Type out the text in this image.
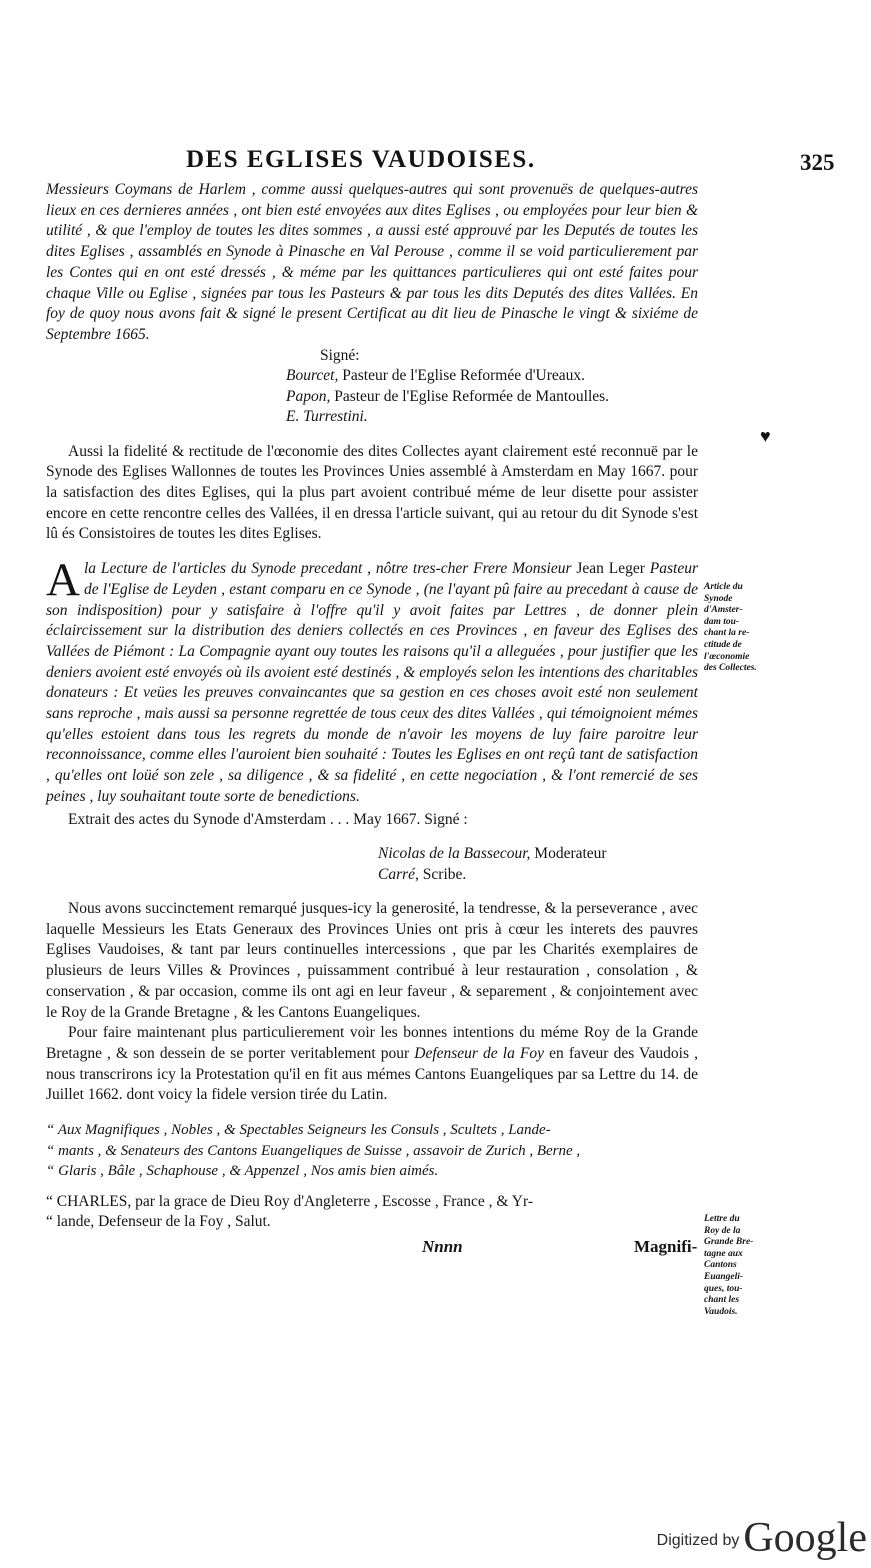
DES EGLISES VAUDOISES.	325
♥

Messieurs Coymans de Harlem , comme aussi quelques-autres qui sont provenuës de quelques-autres lieux en ces dernieres années , ont bien esté envoyées aux dites Eglises , ou employées pour leur bien & utilité , & que l'employ de toutes les dites sommes , a aussi esté approuvé par les Deputés de toutes les dites Eglises , assamblés en Synode à Pinasche en Val Perouse , comme il se void particulierement par les Contes qui en ont esté dressés , & méme par les quittances particulieres qui ont esté faites pour chaque Ville ou Eglise , signées par tous les Pasteurs & par tous les dits Deputés des dites Vallées. En foy de quoy nous avons fait & signé le present Certificat au dit lieu de Pinasche le vingt & sixiéme de Septembre 1665.

Signé:
Bourcet, Pasteur de l'Eglise Reformée d'Ureaux.
Papon, Pasteur de l'Eglise Reformée de Mantoulles.
E. Turrestini.

Aussi la fidelité & rectitude de l'œconomie des dites Collectes ayant clairement esté reconnuë par le Synode des Eglises Wallonnes de toutes les Provinces Unies assemblé à Amsterdam en May 1667. pour la satisfaction des dites Eglises, qui la plus part avoient contribué méme de leur disette pour assister encore en cette rencontre celles des Vallées, il en dressa l'article suivant, qui au retour du dit Synode s'est lû és Consistoires de toutes les dites Eglises.

Ala Lecture de l'articles du Synode precedant , nôtre tres-cher Frere Monsieur Jean Leger Pasteur de l'Eglise de Leyden , estant comparu en ce Synode , (ne l'ayant pû faire au precedant à cause de son indisposition) pour y satisfaire à l'offre qu'il y avoit faites par Lettres , de donner plein éclaircissement sur la distribution des deniers collectés en ces Provinces , en faveur des Eglises des Vallées de Piémont : La Compagnie ayant ouy toutes les raisons qu'il a alleguées , pour justifier que les deniers avoient esté envoyés où ils avoient esté destinés , & employés selon les intentions des charitables donateurs : Et veües les preuves convaincantes que sa gestion en ces choses avoit esté non seulement sans reproche , mais aussi sa personne regrettée de tous ceux des dites Vallées , qui témoignoient mémes qu'elles estoient dans tous les regrets du monde de n'avoir les moyens de luy faire paroitre leur reconnoissance, comme elles l'auroient bien souhaité : Toutes les Eglises en ont reçû tant de satisfaction , qu'elles ont loüé son zele , sa diligence , & sa fidelité , en cette negociation , & l'ont remercié de ses peines , luy souhaitant toute sorte de benedictions.

Extrait des actes du Synode d'Amsterdam . . . May 1667. Signé :
Nicolas de la Bassecour, Moderateur
Carré, Scribe.

Nous avons succinctement remarqué jusques-icy la generosité, la tendresse, & la perseverance , avec laquelle Messieurs les Etats Generaux des Provinces Unies ont pris à cœur les interets des pauvres Eglises Vaudoises, & tant par leurs continuelles intercessions , que par les Charités exemplaires de plusieurs de leurs Villes & Provinces , puissamment contribué à leur restauration , consolation , & conservation , & par occasion, comme ils ont agi en leur faveur , & separement , & conjointement avec le Roy de la Grande Bretagne , & les Cantons Euangeliques.

Pour faire maintenant plus particulierement voir les bonnes intentions du méme Roy de la Grande Bretagne , & son dessein de se porter veritablement pour Defenseur de la Foy en faveur des Vaudois , nous transcrirons icy la Protestation qu'il en fit aus mémes Cantons Euangeliques par sa Lettre du 14. de Juillet 1662. dont voicy la fidele version tirée du Latin.

“ Aux Magnifiques , Nobles , & Spectables Seigneurs les Consuls , Scultets , Lande-
“ mants , & Senateurs des Cantons Euangeliques de Suisse , assavoir de Zurich , Berne ,
“ Glaris , Bâle , Schaphouse , & Appenzel , Nos amis bien aimés.
“ CHARLES, par la grace de Dieu Roy d'Angleterre , Escosse , France , & Yr-
“ lande, Defenseur de la Foy , Salut.
Nnnn	Magnifi-
Article du
Synode
d'Amster-
dam tou-
chant la re-
ctitude de
l'œconomie
des Collectes.
Lettre du
Roy de la
Grande Bre-
tagne aux
Cantons
Euangeli-
ques, tou-
chant les
Vaudois.
Digitized by Google
